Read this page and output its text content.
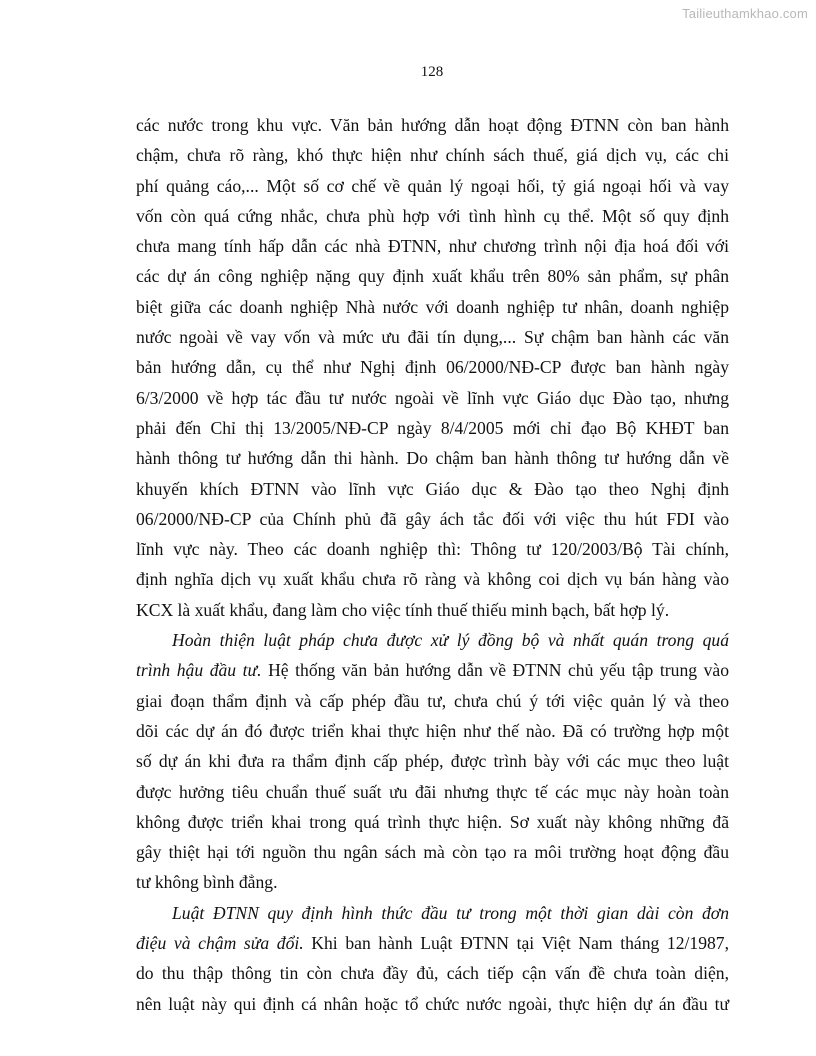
Tailieuthamkhao.com
128

các nước trong khu vực. Văn bản hướng dẫn hoạt động ĐTNN còn ban hành

chậm, chưa rõ ràng, khó thực hiện như chính sách thuế, giá dịch vụ, các chi

phí quảng cáo,... Một số cơ chế về quản lý ngoại hối, tỷ giá ngoại hối và vay

vốn còn quá cứng nhắc, chưa phù hợp với tình hình cụ thể. Một số quy định

chưa mang tính hấp dẫn các nhà ĐTNN, như chương trình nội địa hoá đối với

các dự án công nghiệp nặng quy định xuất khẩu trên 80% sản phẩm, sự phân

biệt giữa các doanh nghiệp Nhà nước với doanh nghiệp tư nhân, doanh nghiệp

nước ngoài về vay vốn và mức ưu đãi tín dụng,... Sự chậm ban hành các văn

bản hướng dẫn, cụ thể như Nghị định 06/2000/NĐ-CP được ban hành ngày

6/3/2000 về hợp tác đầu tư nước ngoài về lĩnh vực Giáo dục Đào tạo, nhưng

phải đến Chỉ thị 13/2005/NĐ-CP ngày 8/4/2005 mới chỉ đạo Bộ KHĐT ban

hành thông tư hướng dẫn thi hành. Do chậm ban hành thông tư hướng dẫn về

khuyến khích ĐTNN vào lĩnh vực Giáo dục & Đào tạo theo Nghị định

06/2000/NĐ-CP của Chính phủ đã gây ách tắc đối với việc thu hút FDI vào

lĩnh vực này. Theo các doanh nghiệp thì: Thông tư 120/2003/Bộ Tài chính,

định nghĩa dịch vụ xuất khẩu chưa rõ ràng và không coi dịch vụ bán hàng vào

KCX là xuất khẩu, đang làm cho việc tính thuế thiếu minh bạch, bất hợp lý.

Hoàn thiện luật pháp chưa được xử lý đồng bộ và nhất quán trong quá

trình hậu đầu tư. Hệ thống văn bản hướng dẫn về ĐTNN chủ yếu tập trung vào

giai đoạn thẩm định và cấp phép đầu tư, chưa chú ý tới việc quản lý và theo

dõi các dự án đó được triển khai thực hiện như thế nào. Đã có trường hợp một

số dự án khi đưa ra thẩm định cấp phép, được trình bày với các mục theo luật

được hưởng tiêu chuẩn thuế suất ưu đãi nhưng thực tế các mục này hoàn toàn

không được triển khai trong quá trình thực hiện. Sơ xuất này không những đã

gây thiệt hại tới nguồn thu ngân sách mà còn tạo ra môi trường hoạt động đầu

tư không bình đẳng.

Luật ĐTNN quy định hình thức đầu tư trong một thời gian dài còn đơn

điệu và chậm sửa đổi. Khi ban hành Luật ĐTNN tại Việt Nam tháng 12/1987,

do thu thập thông tin còn chưa đầy đủ, cách tiếp cận vấn đề chưa toàn diện,

nên luật này qui định cá nhân hoặc tổ chức nước ngoài, thực hiện dự án đầu tư
